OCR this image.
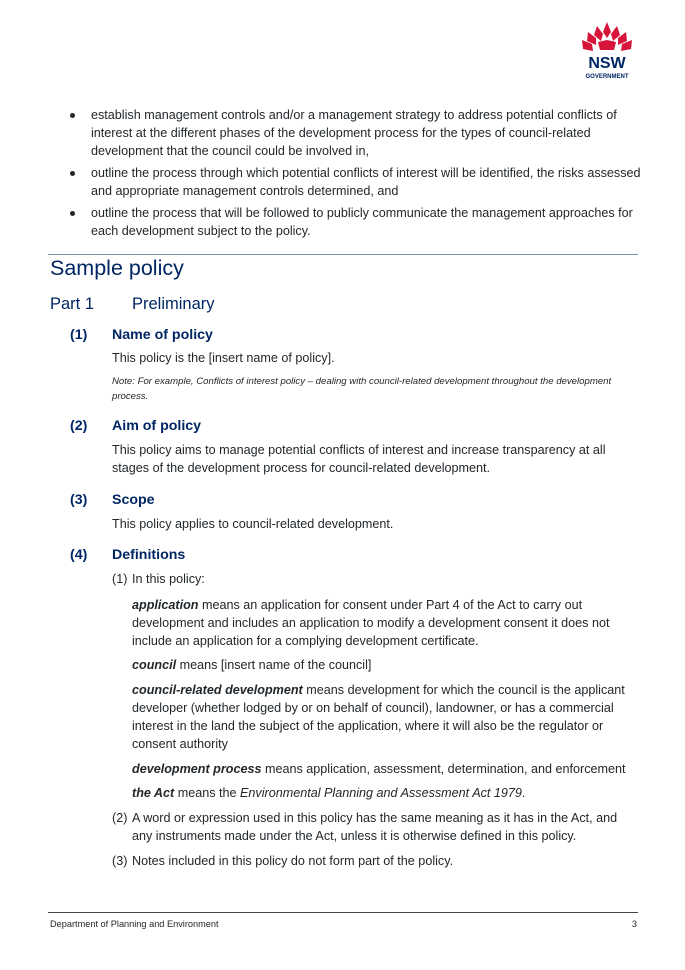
NSW
GOVERNMENT
establish management controls and/or a management strategy to address potential conflicts of interest at the different phases of the development process for the types of council-related development that the council could be involved in,
outline the process through which potential conflicts of interest will be identified, the risks assessed and appropriate management controls determined, and
outline the process that will be followed to publicly communicate the management approaches for each development subject to the policy.
Sample policy
Part 1 Preliminary
(1) Name of policy
This policy is the [insert name of policy].
Note: For example, Conflicts of interest policy – dealing with council-related development throughout the development process.
(2) Aim of policy
This policy aims to manage potential conflicts of interest and increase transparency at all stages of the development process for council-related development.
(3) Scope
This policy applies to council-related development.
(4) Definitions
(1) In this policy:
application means an application for consent under Part 4 of the Act to carry out development and includes an application to modify a development consent it does not include an application for a complying development certificate.
council means [insert name of the council]
council-related development means development for which the council is the applicant developer (whether lodged by or on behalf of council), landowner, or has a commercial interest in the land the subject of the application, where it will also be the regulator or consent authority
development process means application, assessment, determination, and enforcement
the Act means the Environmental Planning and Assessment Act 1979.
(2) A word or expression used in this policy has the same meaning as it has in the Act, and any instruments made under the Act, unless it is otherwise defined in this policy.
(3) Notes included in this policy do not form part of the policy.
Department of Planning and Environment	3
